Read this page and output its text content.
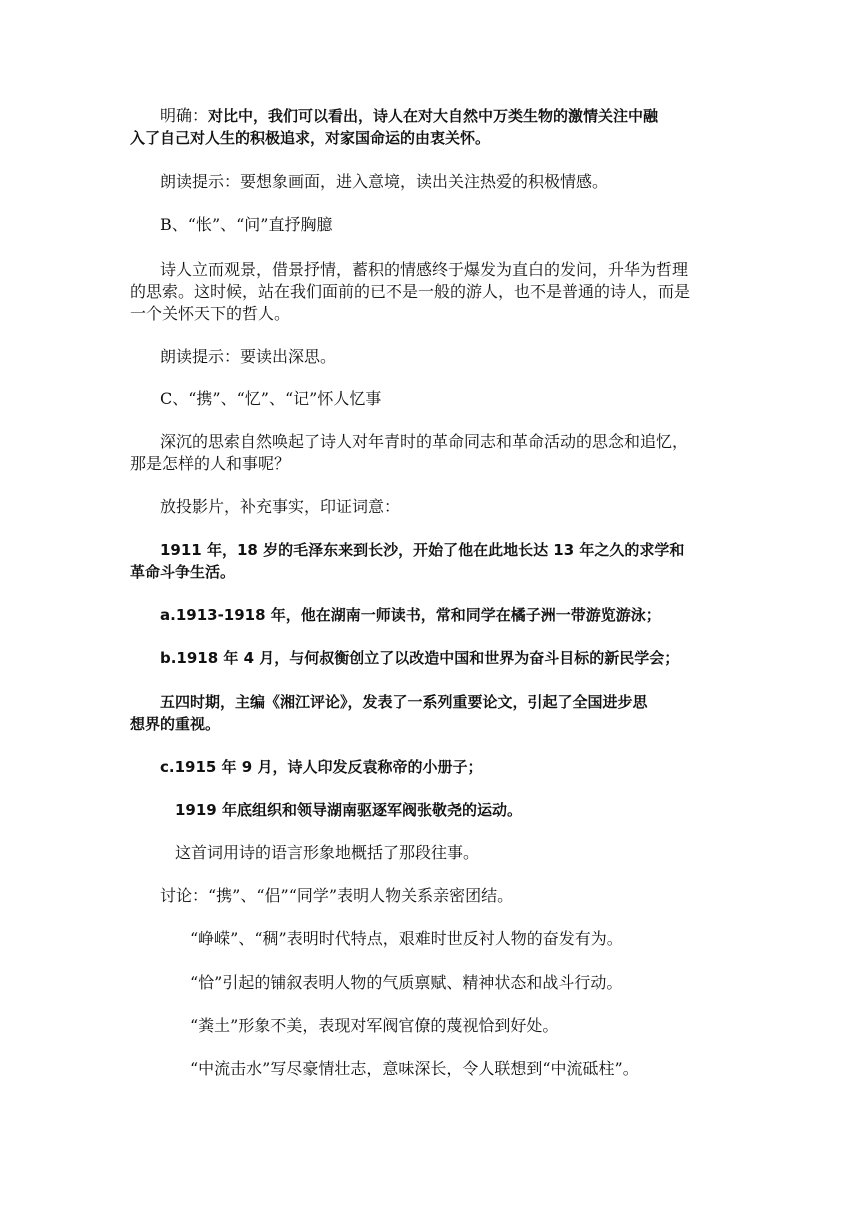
明确：对比中，我们可以看出，诗人在对大自然中万类生物的激情关注中融
入了自己对人生的积极追求，对家国命运的由衷关怀。
朗读提示：要想象画面，进入意境，读出关注热爱的积极情感。
B、“怅”、“问”直抒胸臆
诗人立而观景，借景抒情，蓄积的情感终于爆发为直白的发问，升华为哲理
的思索。这时候，站在我们面前的已不是一般的游人，也不是普通的诗人，而是
一个关怀天下的哲人。
朗读提示：要读出深思。
C、“携”、“忆”、“记”怀人忆事
深沉的思索自然唤起了诗人对年青时的革命同志和革命活动的思念和追忆，
那是怎样的人和事呢？
放投影片，补充事实，印证词意：
1911 年，18 岁的毛泽东来到长沙，开始了他在此地长达 13 年之久的求学和
革命斗争生活。
a.1913-1918 年，他在湖南一师读书，常和同学在橘子洲一带游览游泳；
b.1918 年 4 月，与何叔衡创立了以改造中国和世界为奋斗目标的新民学会；
五四时期，主编《湘江评论》，发表了一系列重要论文，引起了全国进步思
想界的重视。
c.1915 年 9 月，诗人印发反袁称帝的小册子；
1919 年底组织和领导湖南驱逐军阀张敬尧的运动。
这首词用诗的语言形象地概括了那段往事。
讨论：“携”、“侣”“同学”表明人物关系亲密团结。
“峥嵘”、“稠”表明时代特点，艰难时世反衬人物的奋发有为。
“恰”引起的铺叙表明人物的气质禀赋、精神状态和战斗行动。
“粪土”形象不美，表现对军阀官僚的蔑视恰到好处。
“中流击水”写尽豪情壮志，意味深长，令人联想到“中流砥柱”。
